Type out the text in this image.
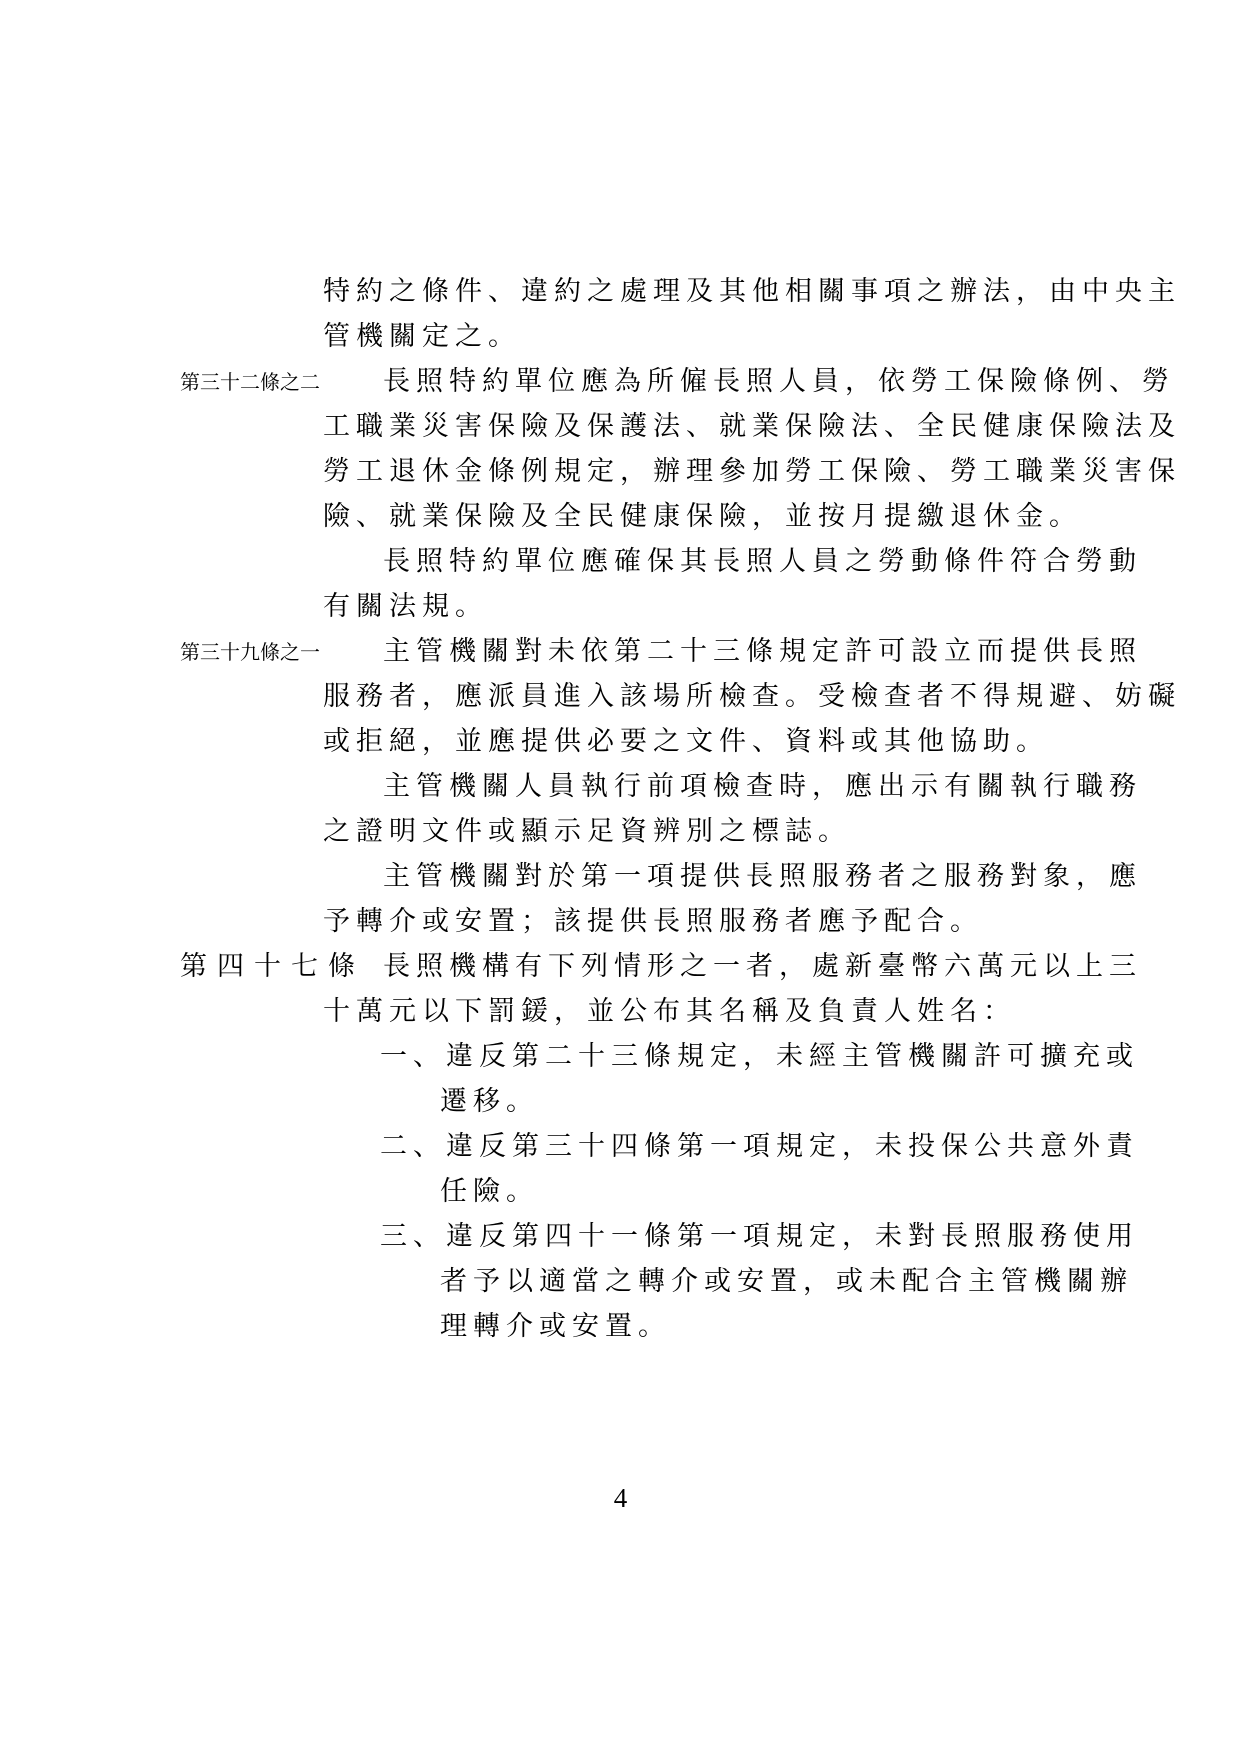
特約之條件、違約之處理及其他相關事項之辦法，由中央主
管機關定之。
第三十二條之二 長照特約單位應為所僱長照人員，依勞工保險條例、勞
工職業災害保險及保護法、就業保險法、全民健康保險法及
勞工退休金條例規定，辦理參加勞工保險、勞工職業災害保
險、就業保險及全民健康保險，並按月提繳退休金。
長照特約單位應確保其長照人員之勞動條件符合勞動
有關法規。
第三十九條之一 主管機關對未依第二十三條規定許可設立而提供長照
服務者，應派員進入該場所檢查。受檢查者不得規避、妨礙
或拒絕，並應提供必要之文件、資料或其他協助。
主管機關人員執行前項檢查時，應出示有關執行職務
之證明文件或顯示足資辨別之標誌。
主管機關對於第一項提供長照服務者之服務對象，應
予轉介或安置；該提供長照服務者應予配合。
第四十七條 長照機構有下列情形之一者，處新臺幣六萬元以上三
十萬元以下罰鍰，並公布其名稱及負責人姓名：
一、違反第二十三條規定，未經主管機關許可擴充或
遷移。
二、違反第三十四條第一項規定，未投保公共意外責
任險。
三、違反第四十一條第一項規定，未對長照服務使用
者予以適當之轉介或安置，或未配合主管機關辦
理轉介或安置。
4
